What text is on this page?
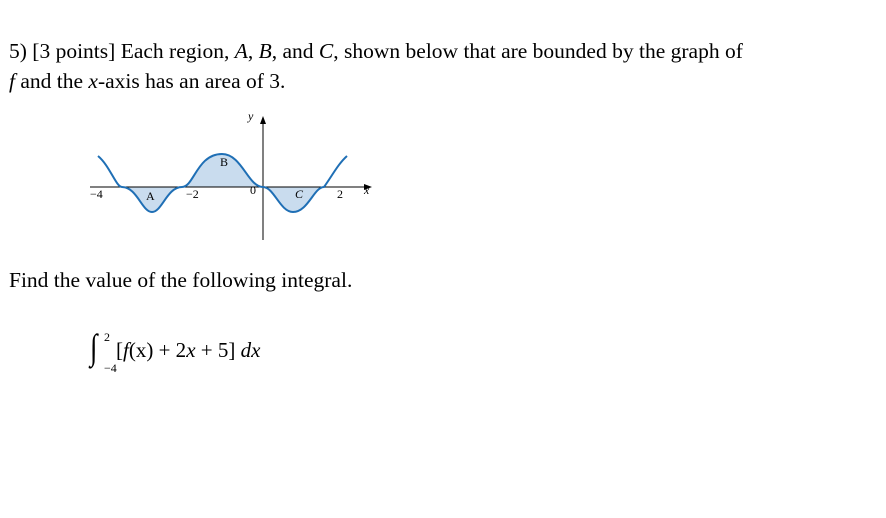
5) [3 points] Each region, A, B, and C, shown below that are bounded by the graph of
f and the x-axis has an area of 3.
y
x
−4	−2	0	2
A
B
C
Find the value of the following integral.
∫ 2
−4
[f(x) + 2x + 5] dx
